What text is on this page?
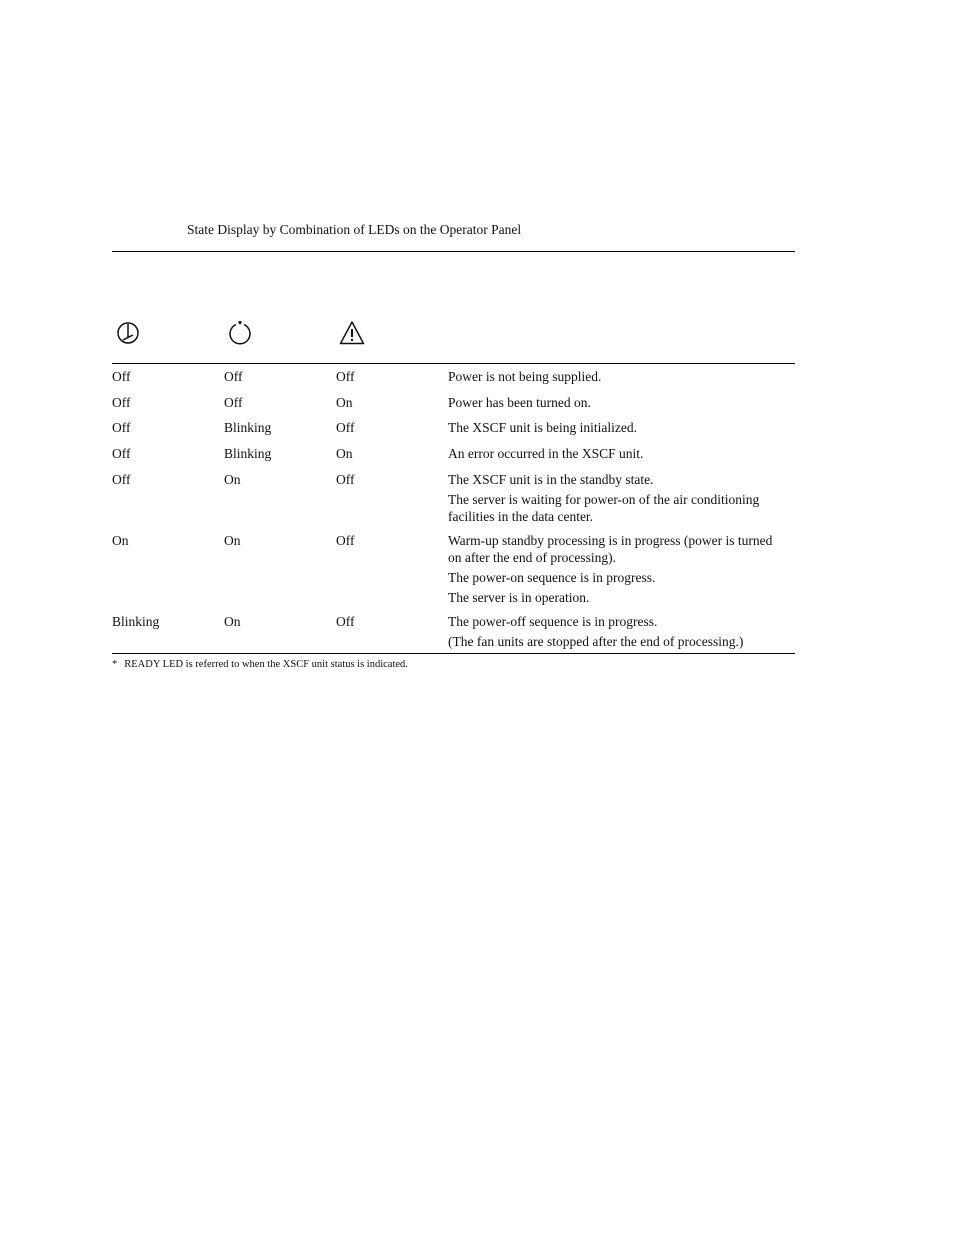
State Display by Combination of LEDs on the Operator Panel
Off	Off	Off	Power is not being supplied.

Off	Off	On	Power has been turned on.

Off	Blinking	Off	The XSCF unit is being initialized.

Off	Blinking	On	An error occurred in the XSCF unit.

Off	On	Off	The XSCF unit is in the standby state.

The server is waiting for power-on of the air conditioning facilities in the data center.

On	On	Off	Warm-up standby processing is in progress (power is turned on after the end of processing).

The power-on sequence is in progress.

The server is in operation.

Blinking	On	Off	The power-off sequence is in progress.

(The fan units are stopped after the end of processing.)

* READY LED is referred to when the XSCF unit status is indicated.
